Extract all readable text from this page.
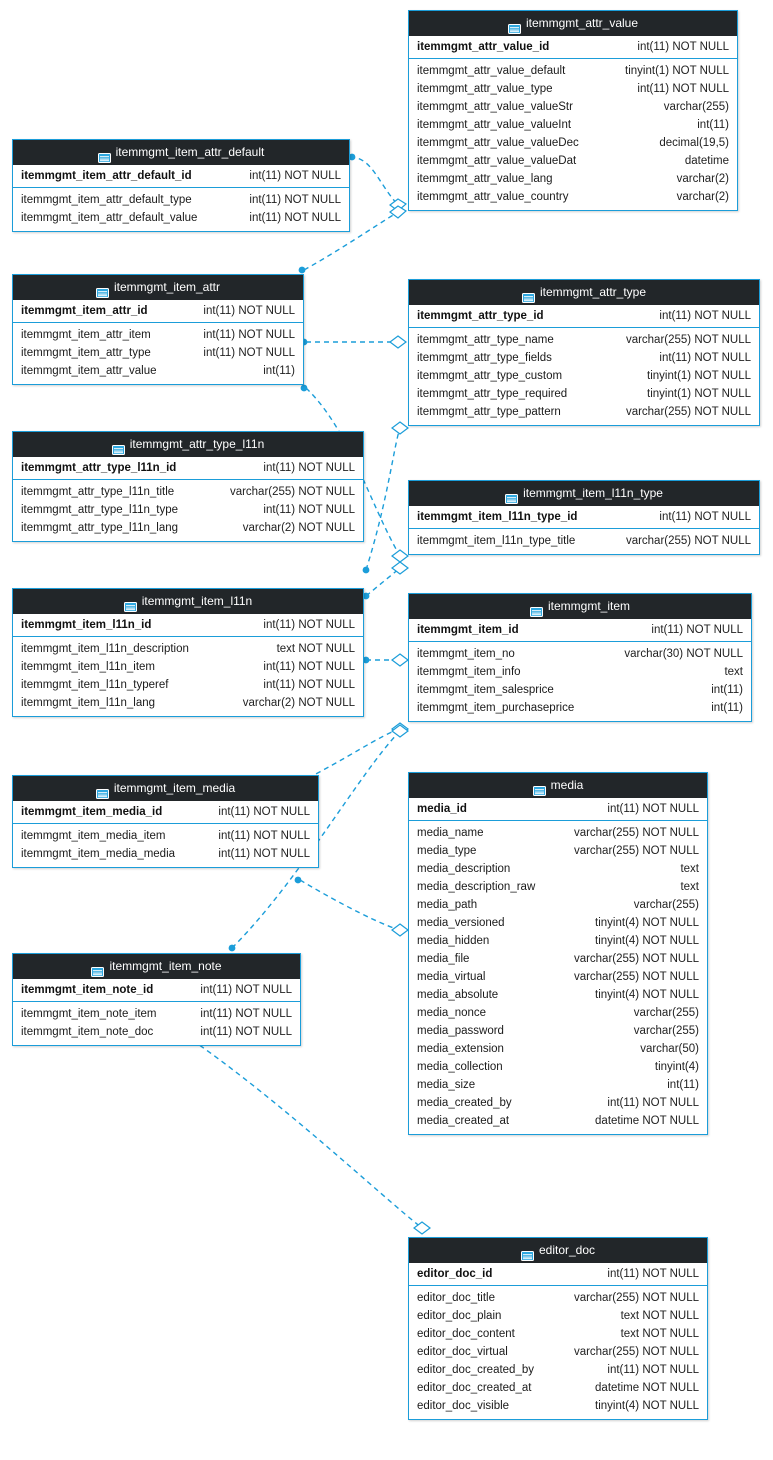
itemmgmt_attr_value
itemmgmt_attr_value_id	int(11) NOT NULL
itemmgmt_attr_value_default	tinyint(1) NOT NULL
itemmgmt_attr_value_type	int(11) NOT NULL
itemmgmt_attr_value_valueStr	varchar(255)
itemmgmt_attr_value_valueInt	int(11)
itemmgmt_attr_value_valueDec	decimal(19,5)
itemmgmt_attr_value_valueDat	datetime
itemmgmt_attr_value_lang	varchar(2)
itemmgmt_attr_value_country	varchar(2)
itemmgmt_item_attr_default
itemmgmt_item_attr_default_id	int(11) NOT NULL
itemmgmt_item_attr_default_type	int(11) NOT NULL
itemmgmt_item_attr_default_value	int(11) NOT NULL
itemmgmt_item_attr
itemmgmt_item_attr_id	int(11) NOT NULL
itemmgmt_item_attr_item	int(11) NOT NULL
itemmgmt_item_attr_type	int(11) NOT NULL
itemmgmt_item_attr_value	int(11)
itemmgmt_attr_type
itemmgmt_attr_type_id	int(11) NOT NULL
itemmgmt_attr_type_name	varchar(255) NOT NULL
itemmgmt_attr_type_fields	int(11) NOT NULL
itemmgmt_attr_type_custom	tinyint(1) NOT NULL
itemmgmt_attr_type_required	tinyint(1) NOT NULL
itemmgmt_attr_type_pattern	varchar(255) NOT NULL
itemmgmt_attr_type_l11n
itemmgmt_attr_type_l11n_id	int(11) NOT NULL
itemmgmt_attr_type_l11n_title	varchar(255) NOT NULL
itemmgmt_attr_type_l11n_type	int(11) NOT NULL
itemmgmt_attr_type_l11n_lang	varchar(2) NOT NULL
itemmgmt_item_l11n_type
itemmgmt_item_l11n_type_id	int(11) NOT NULL
itemmgmt_item_l11n_type_title	varchar(255) NOT NULL
itemmgmt_item_l11n
itemmgmt_item_l11n_id	int(11) NOT NULL
itemmgmt_item_l11n_description	text NOT NULL
itemmgmt_item_l11n_item	int(11) NOT NULL
itemmgmt_item_l11n_typeref	int(11) NOT NULL
itemmgmt_item_l11n_lang	varchar(2) NOT NULL
itemmgmt_item
itemmgmt_item_id	int(11) NOT NULL
itemmgmt_item_no	varchar(30) NOT NULL
itemmgmt_item_info	text
itemmgmt_item_salesprice	int(11)
itemmgmt_item_purchaseprice	int(11)
itemmgmt_item_media
itemmgmt_item_media_id	int(11) NOT NULL
itemmgmt_item_media_item	int(11) NOT NULL
itemmgmt_item_media_media	int(11) NOT NULL
media
media_id	int(11) NOT NULL
media_name	varchar(255) NOT NULL
media_type	varchar(255) NOT NULL
media_description	text
media_description_raw	text
media_path	varchar(255)
media_versioned	tinyint(4) NOT NULL
media_hidden	tinyint(4) NOT NULL
media_file	varchar(255) NOT NULL
media_virtual	varchar(255) NOT NULL
media_absolute	tinyint(4) NOT NULL
media_nonce	varchar(255)
media_password	varchar(255)
media_extension	varchar(50)
media_collection	tinyint(4)
media_size	int(11)
media_created_by	int(11) NOT NULL
media_created_at	datetime NOT NULL
itemmgmt_item_note
itemmgmt_item_note_id	int(11) NOT NULL
itemmgmt_item_note_item	int(11) NOT NULL
itemmgmt_item_note_doc	int(11) NOT NULL
editor_doc
editor_doc_id	int(11) NOT NULL
editor_doc_title	varchar(255) NOT NULL
editor_doc_plain	text NOT NULL
editor_doc_content	text NOT NULL
editor_doc_virtual	varchar(255) NOT NULL
editor_doc_created_by	int(11) NOT NULL
editor_doc_created_at	datetime NOT NULL
editor_doc_visible	tinyint(4) NOT NULL
